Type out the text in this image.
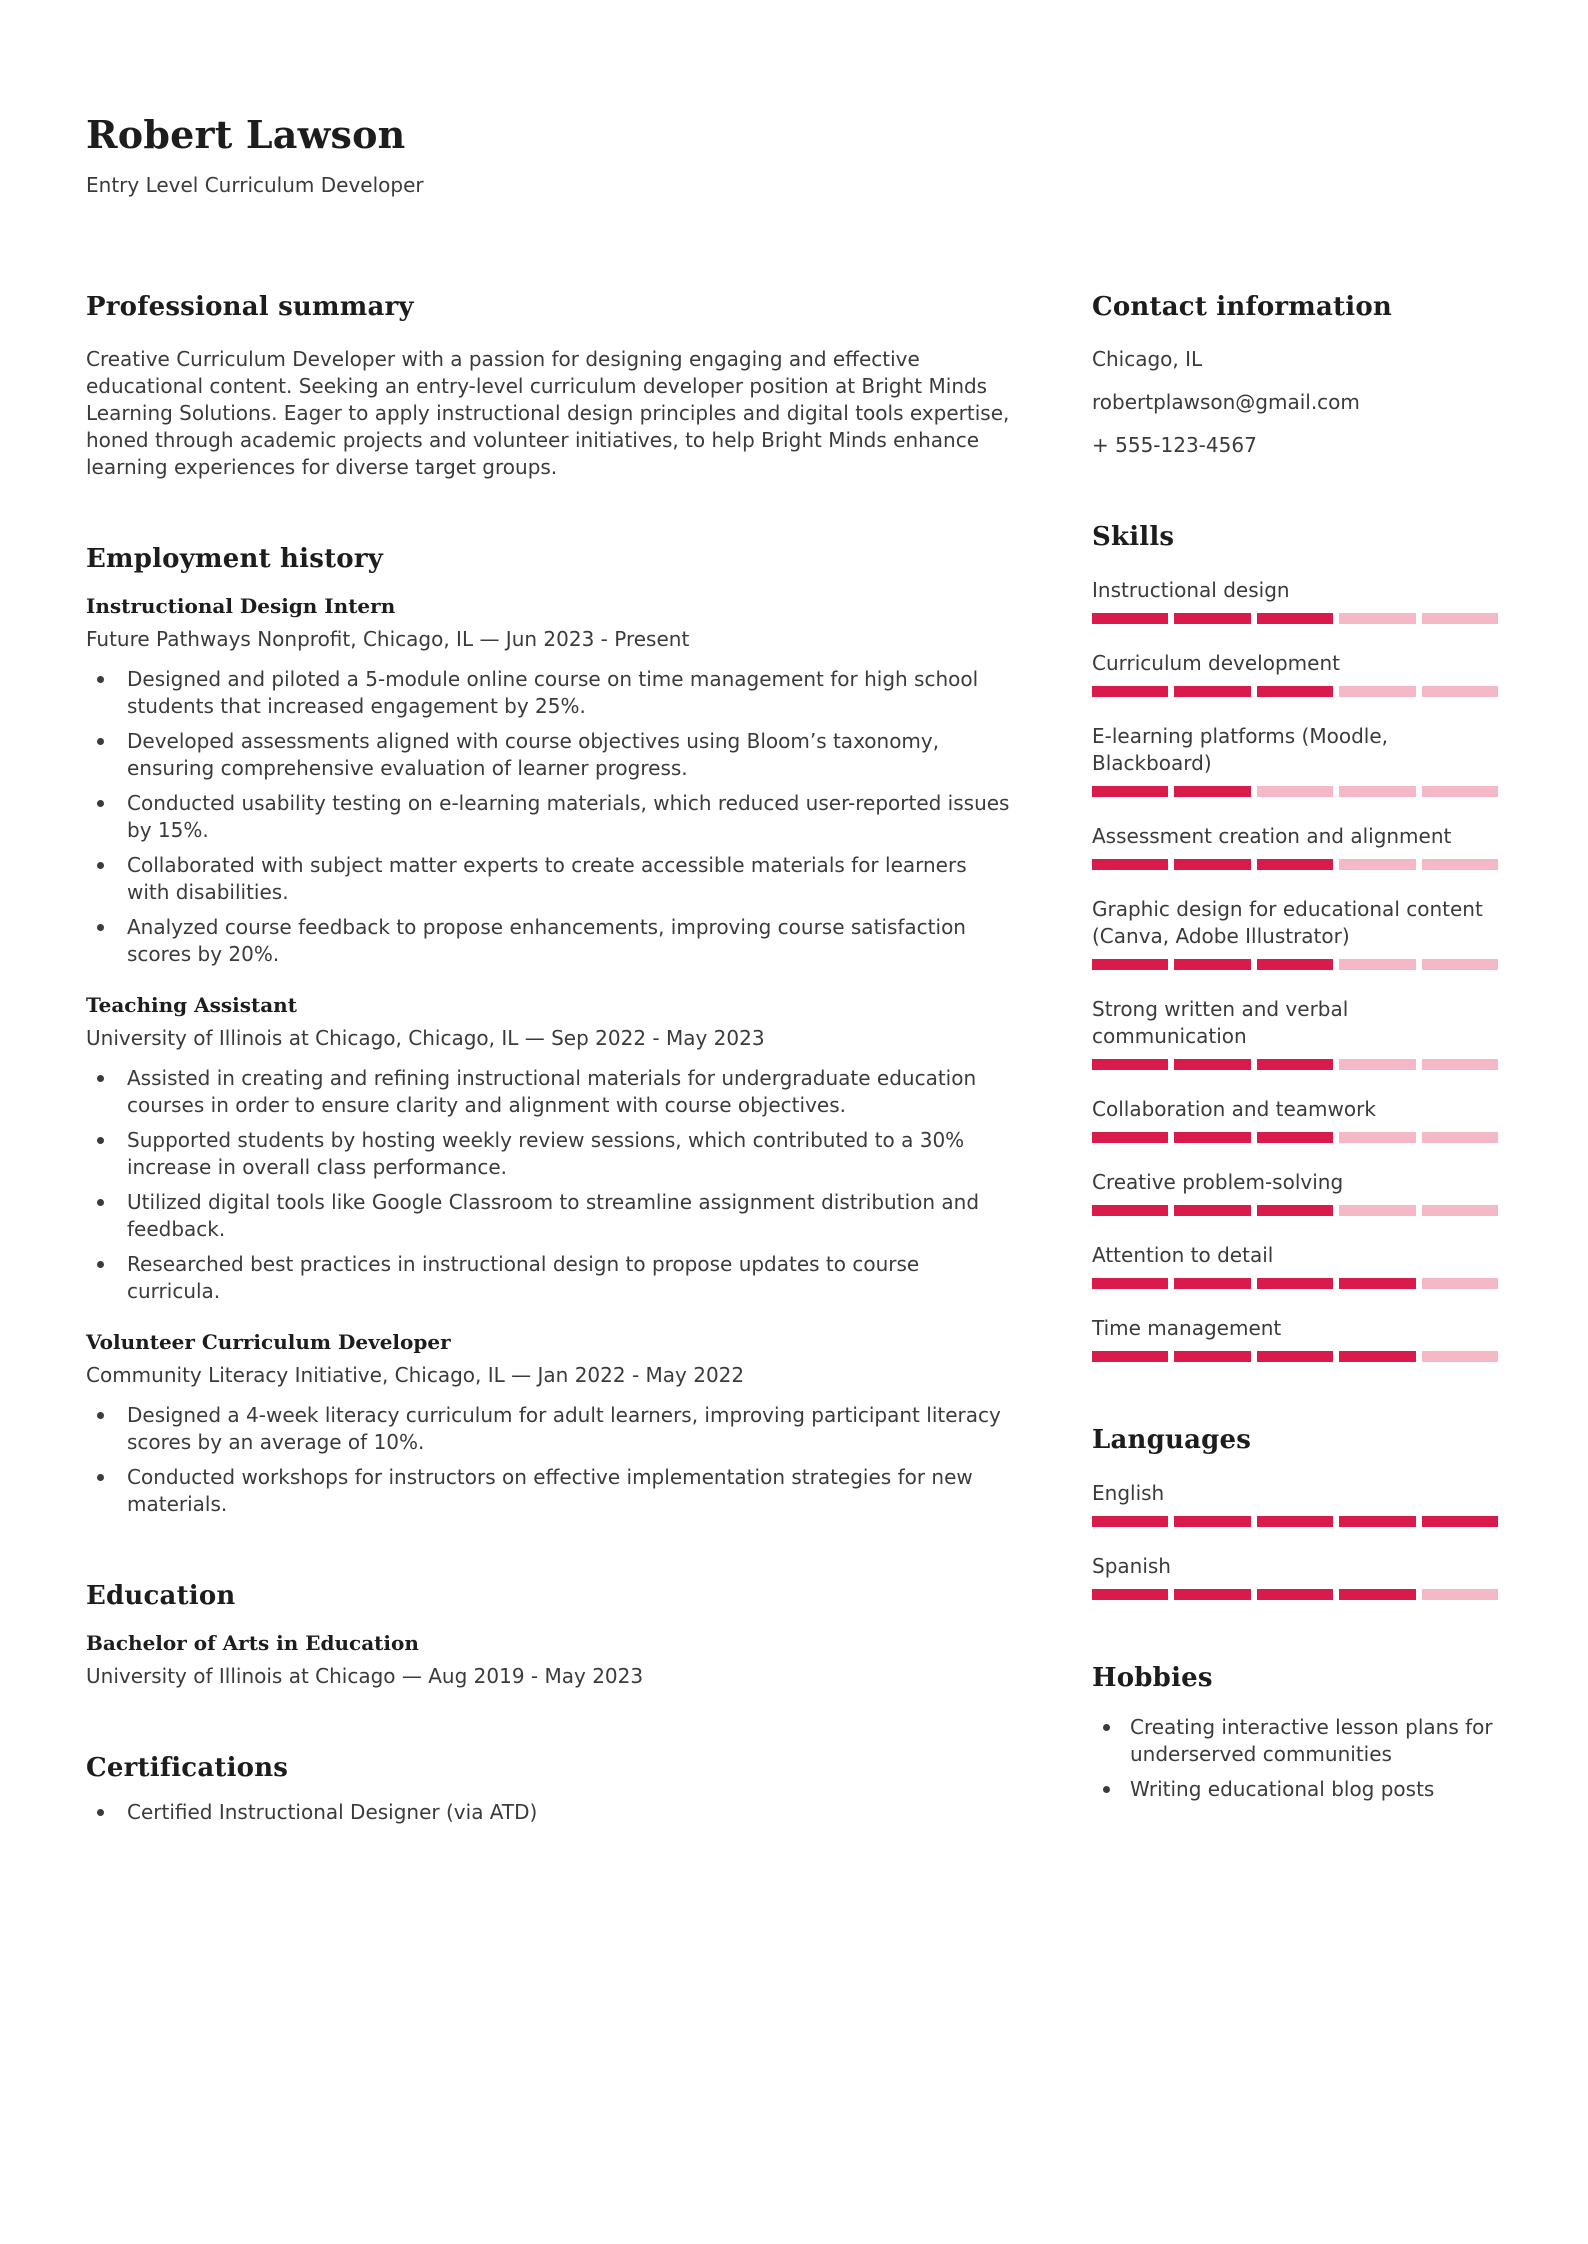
Robert Lawson
Entry Level Curriculum Developer
Professional summary

Creative Curriculum Developer with a passion for designing engaging and effective educational content. Seeking an entry-level curriculum developer position at Bright Minds Learning Solutions. Eager to apply instructional design principles and digital tools expertise, honed through academic projects and volunteer initiatives, to help Bright Minds enhance learning experiences for diverse target groups.

Employment history
Instructional Design Intern
Future Pathways Nonprofit, Chicago, IL — Jun 2023 - Present
Designed and piloted a 5-module online course on time management for high school students that increased engagement by 25%.
Developed assessments aligned with course objectives using Bloom’s taxonomy, ensuring comprehensive evaluation of learner progress.
Conducted usability testing on e-learning materials, which reduced user-reported issues by 15%.
Collaborated with subject matter experts to create accessible materials for learners with disabilities.
Analyzed course feedback to propose enhancements, improving course satisfaction scores by 20%.
Teaching Assistant
University of Illinois at Chicago, Chicago, IL — Sep 2022 - May 2023
Assisted in creating and refining instructional materials for undergraduate education courses in order to ensure clarity and alignment with course objectives.
Supported students by hosting weekly review sessions, which contributed to a 30% increase in overall class performance.
Utilized digital tools like Google Classroom to streamline assignment distribution and feedback.
Researched best practices in instructional design to propose updates to course curricula.
Volunteer Curriculum Developer
Community Literacy Initiative, Chicago, IL — Jan 2022 - May 2022
Designed a 4-week literacy curriculum for adult learners, improving participant literacy scores by an average of 10%.
Conducted workshops for instructors on effective implementation strategies for new materials.
Education
Bachelor of Arts in Education
University of Illinois at Chicago — Aug 2019 - May 2023
Certifications
Certified Instructional Designer (via ATD)
Contact information
Chicago, IL
robertplawson@gmail.com
+ 555-123-4567
Skills
Instructional design
Curriculum development
E-learning platforms (Moodle, Blackboard)
Assessment creation and alignment
Graphic design for educational content (Canva, Adobe Illustrator)
Strong written and verbal communication
Collaboration and teamwork
Creative problem-solving
Attention to detail
Time management
Languages
English
Spanish
Hobbies
Creating interactive lesson plans for underserved communities
Writing educational blog posts
